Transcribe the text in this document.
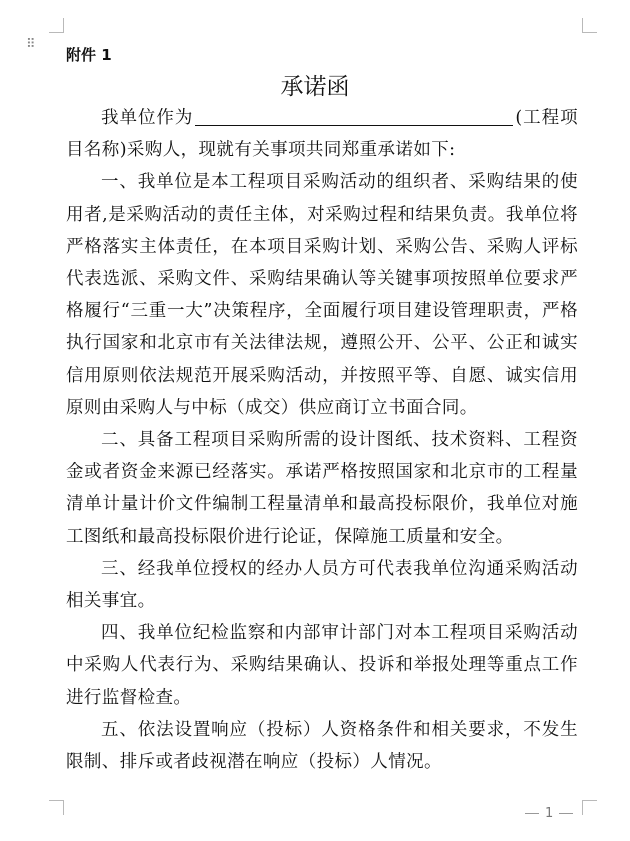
⠿
附件 1
承诺函

我单位作为	(工程项目名称)采购人，现就有关事项共同郑重承诺如下:

一、我单位是本工程项目采购活动的组织者、采购结果的使用者,是采购活动的责任主体，对采购过程和结果负责。我单位将严格落实主体责任，在本项目采购计划、采购公告、采购人评标代表选派、采购文件、采购结果确认等关键事项按照单位要求严格履行“三重一大”决策程序，全面履行项目建设管理职责，严格执行国家和北京市有关法律法规，遵照公开、公平、公正和诚实信用原则依法规范开展采购活动，并按照平等、自愿、诚实信用原则由采购人与中标（成交）供应商订立书面合同。

二、具备工程项目采购所需的设计图纸、技术资料、工程资金或者资金来源已经落实。承诺严格按照国家和北京市的工程量清单计量计价文件编制工程量清单和最高投标限价，我单位对施工图纸和最高投标限价进行论证，保障施工质量和安全。

三、经我单位授权的经办人员方可代表我单位沟通采购活动相关事宜。

四、我单位纪检监察和内部审计部门对本工程项目采购活动中采购人代表行为、采购结果确认、投诉和举报处理等重点工作进行监督检查。

五、依法设置响应（投标）人资格条件和相关要求，不发生限制、排斥或者歧视潜在响应（投标）人情况。

1
